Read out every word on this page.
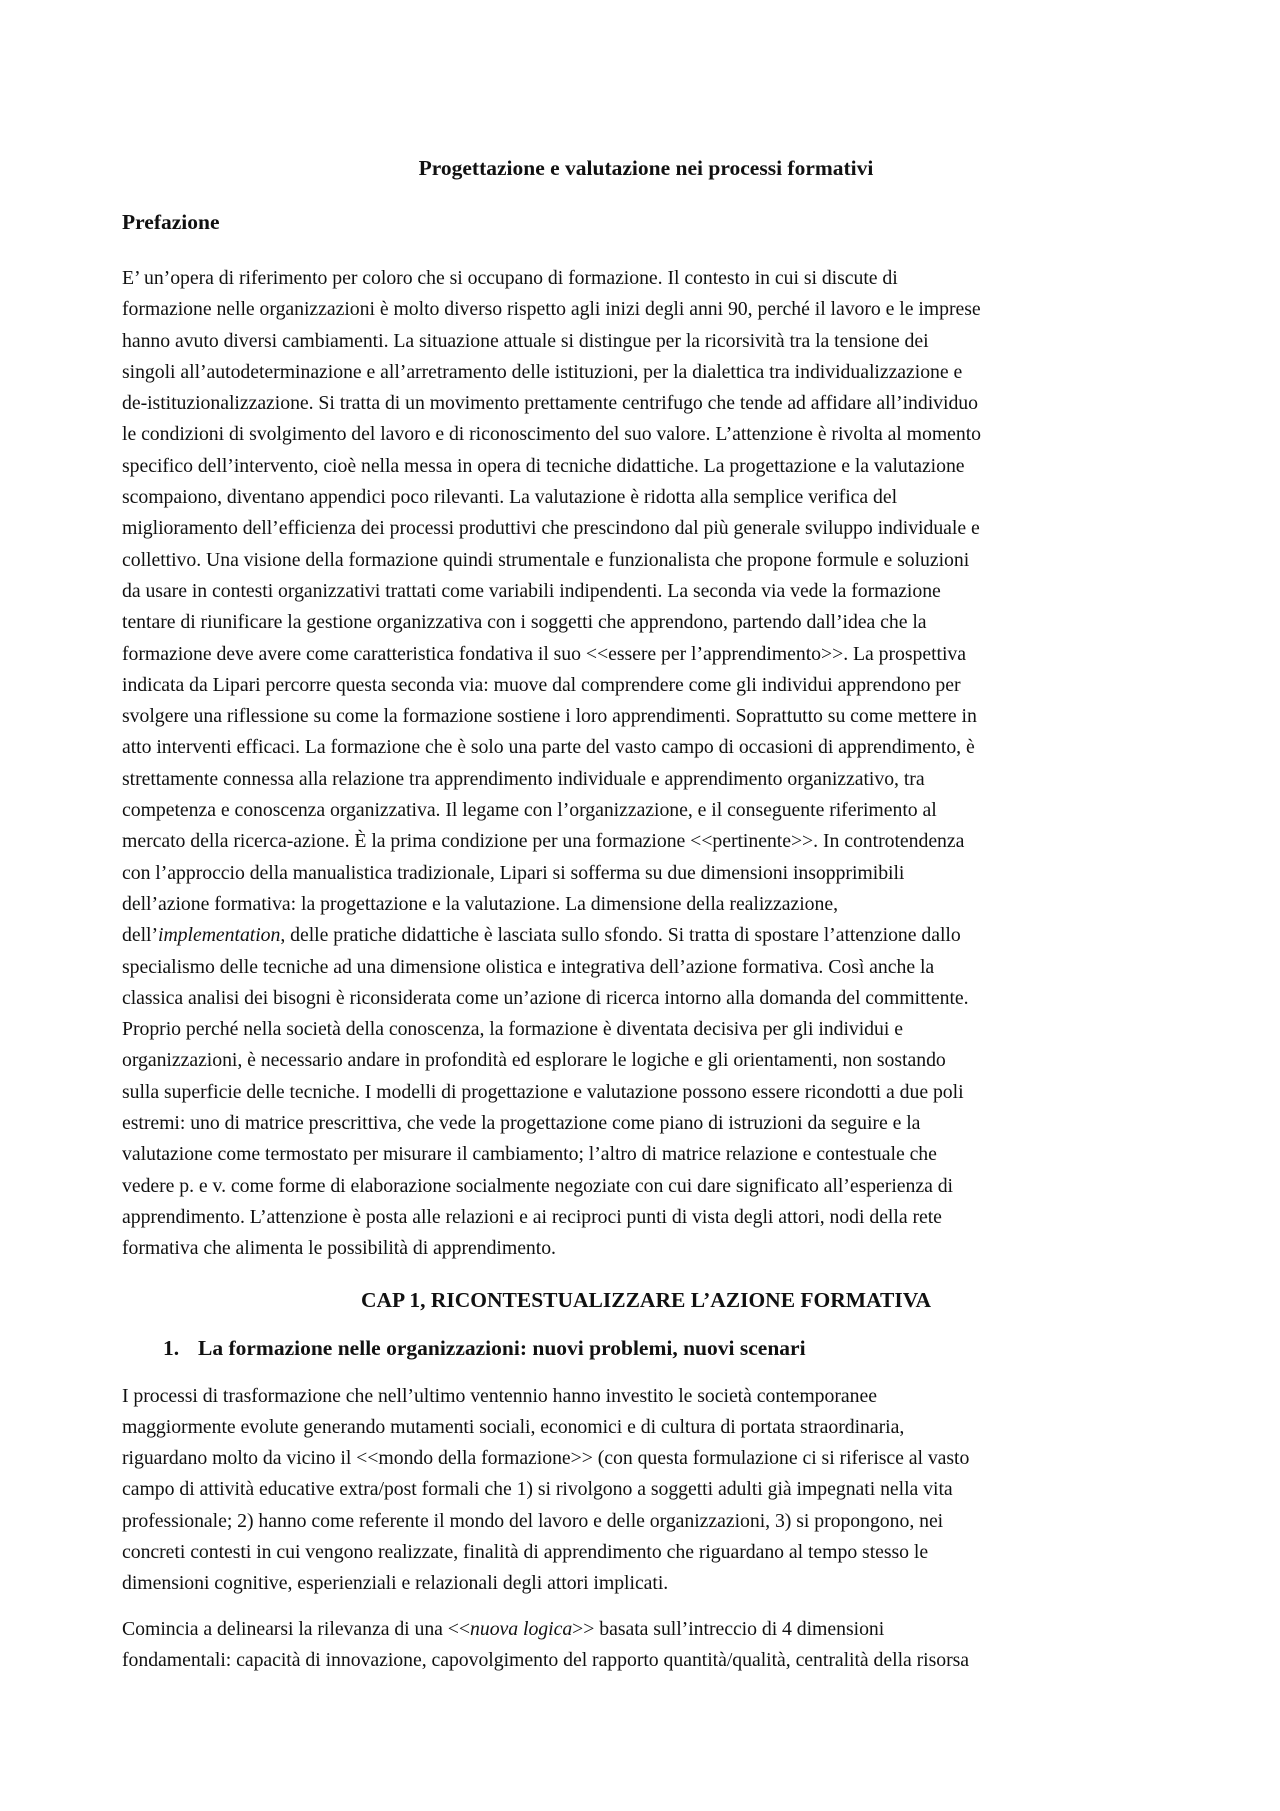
Progettazione e valutazione nei processi formativi
Prefazione

E’ un’opera di riferimento per coloro che si occupano di formazione. Il contesto in cui si discute di
formazione nelle organizzazioni è molto diverso rispetto agli inizi degli anni 90, perché il lavoro e le imprese
hanno avuto diversi cambiamenti. La situazione attuale si distingue per la ricorsività tra la tensione dei
singoli all’autodeterminazione e all’arretramento delle istituzioni, per la dialettica tra individualizzazione e
de-istituzionalizzazione. Si tratta di un movimento prettamente centrifugo che tende ad affidare all’individuo
le condizioni di svolgimento del lavoro e di riconoscimento del suo valore. L’attenzione è rivolta al momento
specifico dell’intervento, cioè nella messa in opera di tecniche didattiche. La progettazione e la valutazione
scompaiono, diventano appendici poco rilevanti. La valutazione è ridotta alla semplice verifica del
miglioramento dell’efficienza dei processi produttivi che prescindono dal più generale sviluppo individuale e
collettivo. Una visione della formazione quindi strumentale e funzionalista che propone formule e soluzioni
da usare in contesti organizzativi trattati come variabili indipendenti. La seconda via vede la formazione
tentare di riunificare la gestione organizzativa con i soggetti che apprendono, partendo dall’idea che la
formazione deve avere come caratteristica fondativa il suo <<essere per l’apprendimento>>. La prospettiva
indicata da Lipari percorre questa seconda via: muove dal comprendere come gli individui apprendono per
svolgere una riflessione su come la formazione sostiene i loro apprendimenti. Soprattutto su come mettere in
atto interventi efficaci. La formazione che è solo una parte del vasto campo di occasioni di apprendimento, è
strettamente connessa alla relazione tra apprendimento individuale e apprendimento organizzativo, tra
competenza e conoscenza organizzativa. Il legame con l’organizzazione, e il conseguente riferimento al
mercato della ricerca-azione. È la prima condizione per una formazione <<pertinente>>. In controtendenza
con l’approccio della manualistica tradizionale, Lipari si sofferma su due dimensioni insopprimibili
dell’azione formativa: la progettazione e la valutazione. La dimensione della realizzazione,
dell’implementation, delle pratiche didattiche è lasciata sullo sfondo. Si tratta di spostare l’attenzione dallo
specialismo delle tecniche ad una dimensione olistica e integrativa dell’azione formativa. Così anche la
classica analisi dei bisogni è riconsiderata come un’azione di ricerca intorno alla domanda del committente.
Proprio perché nella società della conoscenza, la formazione è diventata decisiva per gli individui e
organizzazioni, è necessario andare in profondità ed esplorare le logiche e gli orientamenti, non sostando
sulla superficie delle tecniche. I modelli di progettazione e valutazione possono essere ricondotti a due poli
estremi: uno di matrice prescrittiva, che vede la progettazione come piano di istruzioni da seguire e la
valutazione come termostato per misurare il cambiamento; l’altro di matrice relazione e contestuale che
vedere p. e v. come forme di elaborazione socialmente negoziate con cui dare significato all’esperienza di
apprendimento. L’attenzione è posta alle relazioni e ai reciproci punti di vista degli attori, nodi della rete
formativa che alimenta le possibilità di apprendimento.

CAP 1, RICONTESTUALIZZARE L’AZIONE FORMATIVA
1. La formazione nelle organizzazioni: nuovi problemi, nuovi scenari

I processi di trasformazione che nell’ultimo ventennio hanno investito le società contemporanee
maggiormente evolute generando mutamenti sociali, economici e di cultura di portata straordinaria,
riguardano molto da vicino il <<mondo della formazione>> (con questa formulazione ci si riferisce al vasto
campo di attività educative extra/post formali che 1) si rivolgono a soggetti adulti già impegnati nella vita
professionale; 2) hanno come referente il mondo del lavoro e delle organizzazioni, 3) si propongono, nei
concreti contesti in cui vengono realizzate, finalità di apprendimento che riguardano al tempo stesso le
dimensioni cognitive, esperienziali e relazionali degli attori implicati.

Comincia a delinearsi la rilevanza di una <<nuova logica>> basata sull’intreccio di 4 dimensioni
fondamentali: capacità di innovazione, capovolgimento del rapporto quantità/qualità, centralità della risorsa
